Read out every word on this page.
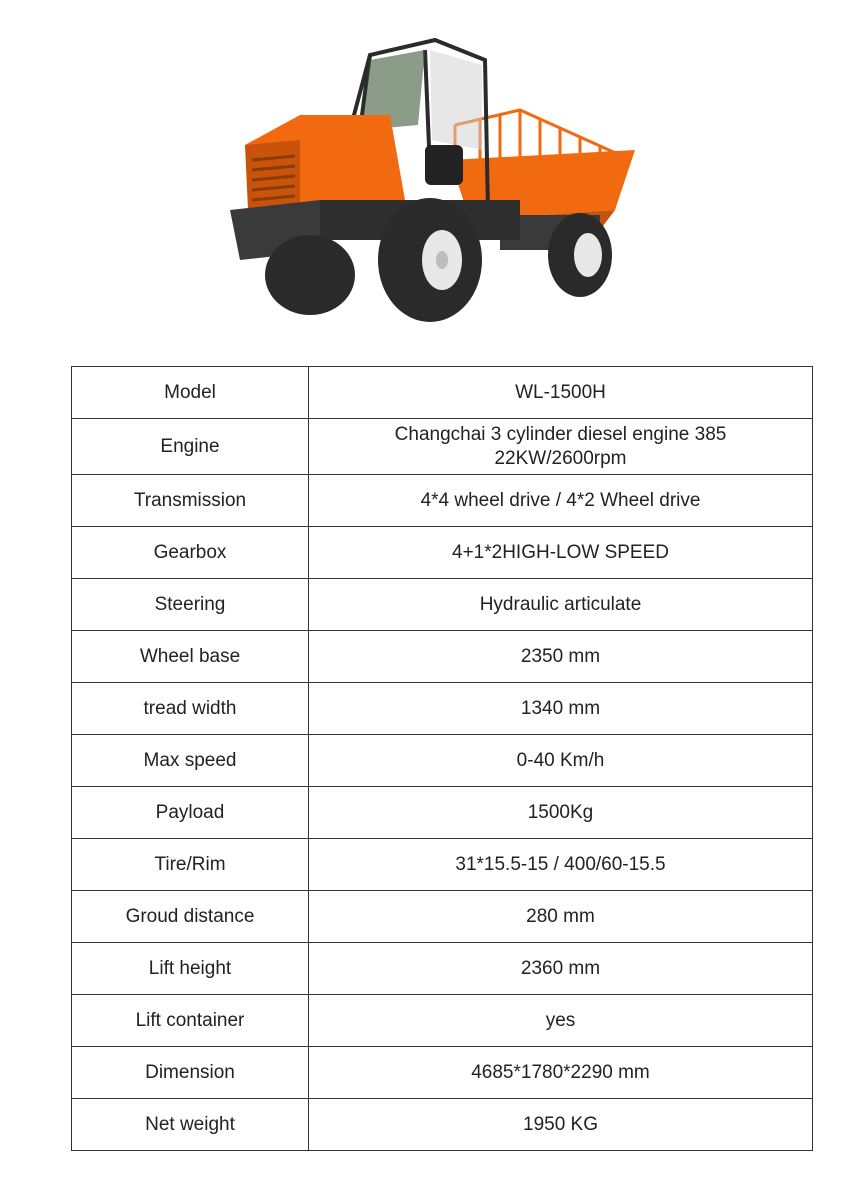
Model	WL-1500H

Engine	Changchai 3 cylinder diesel engine 385
22KW/2600rpm

Transmission	4*4 wheel drive / 4*2 Wheel drive

Gearbox	4+1*2HIGH-LOW SPEED

Steering	Hydraulic articulate

Wheel base	2350 mm

tread width	1340 mm

Max speed	0-40 Km/h

Payload	1500Kg

Tire/Rim	31*15.5-15 / 400/60-15.5

Groud distance	280 mm

Lift height	2360 mm

Lift container	yes

Dimension	4685*1780*2290 mm

Net weight	1950 KG
